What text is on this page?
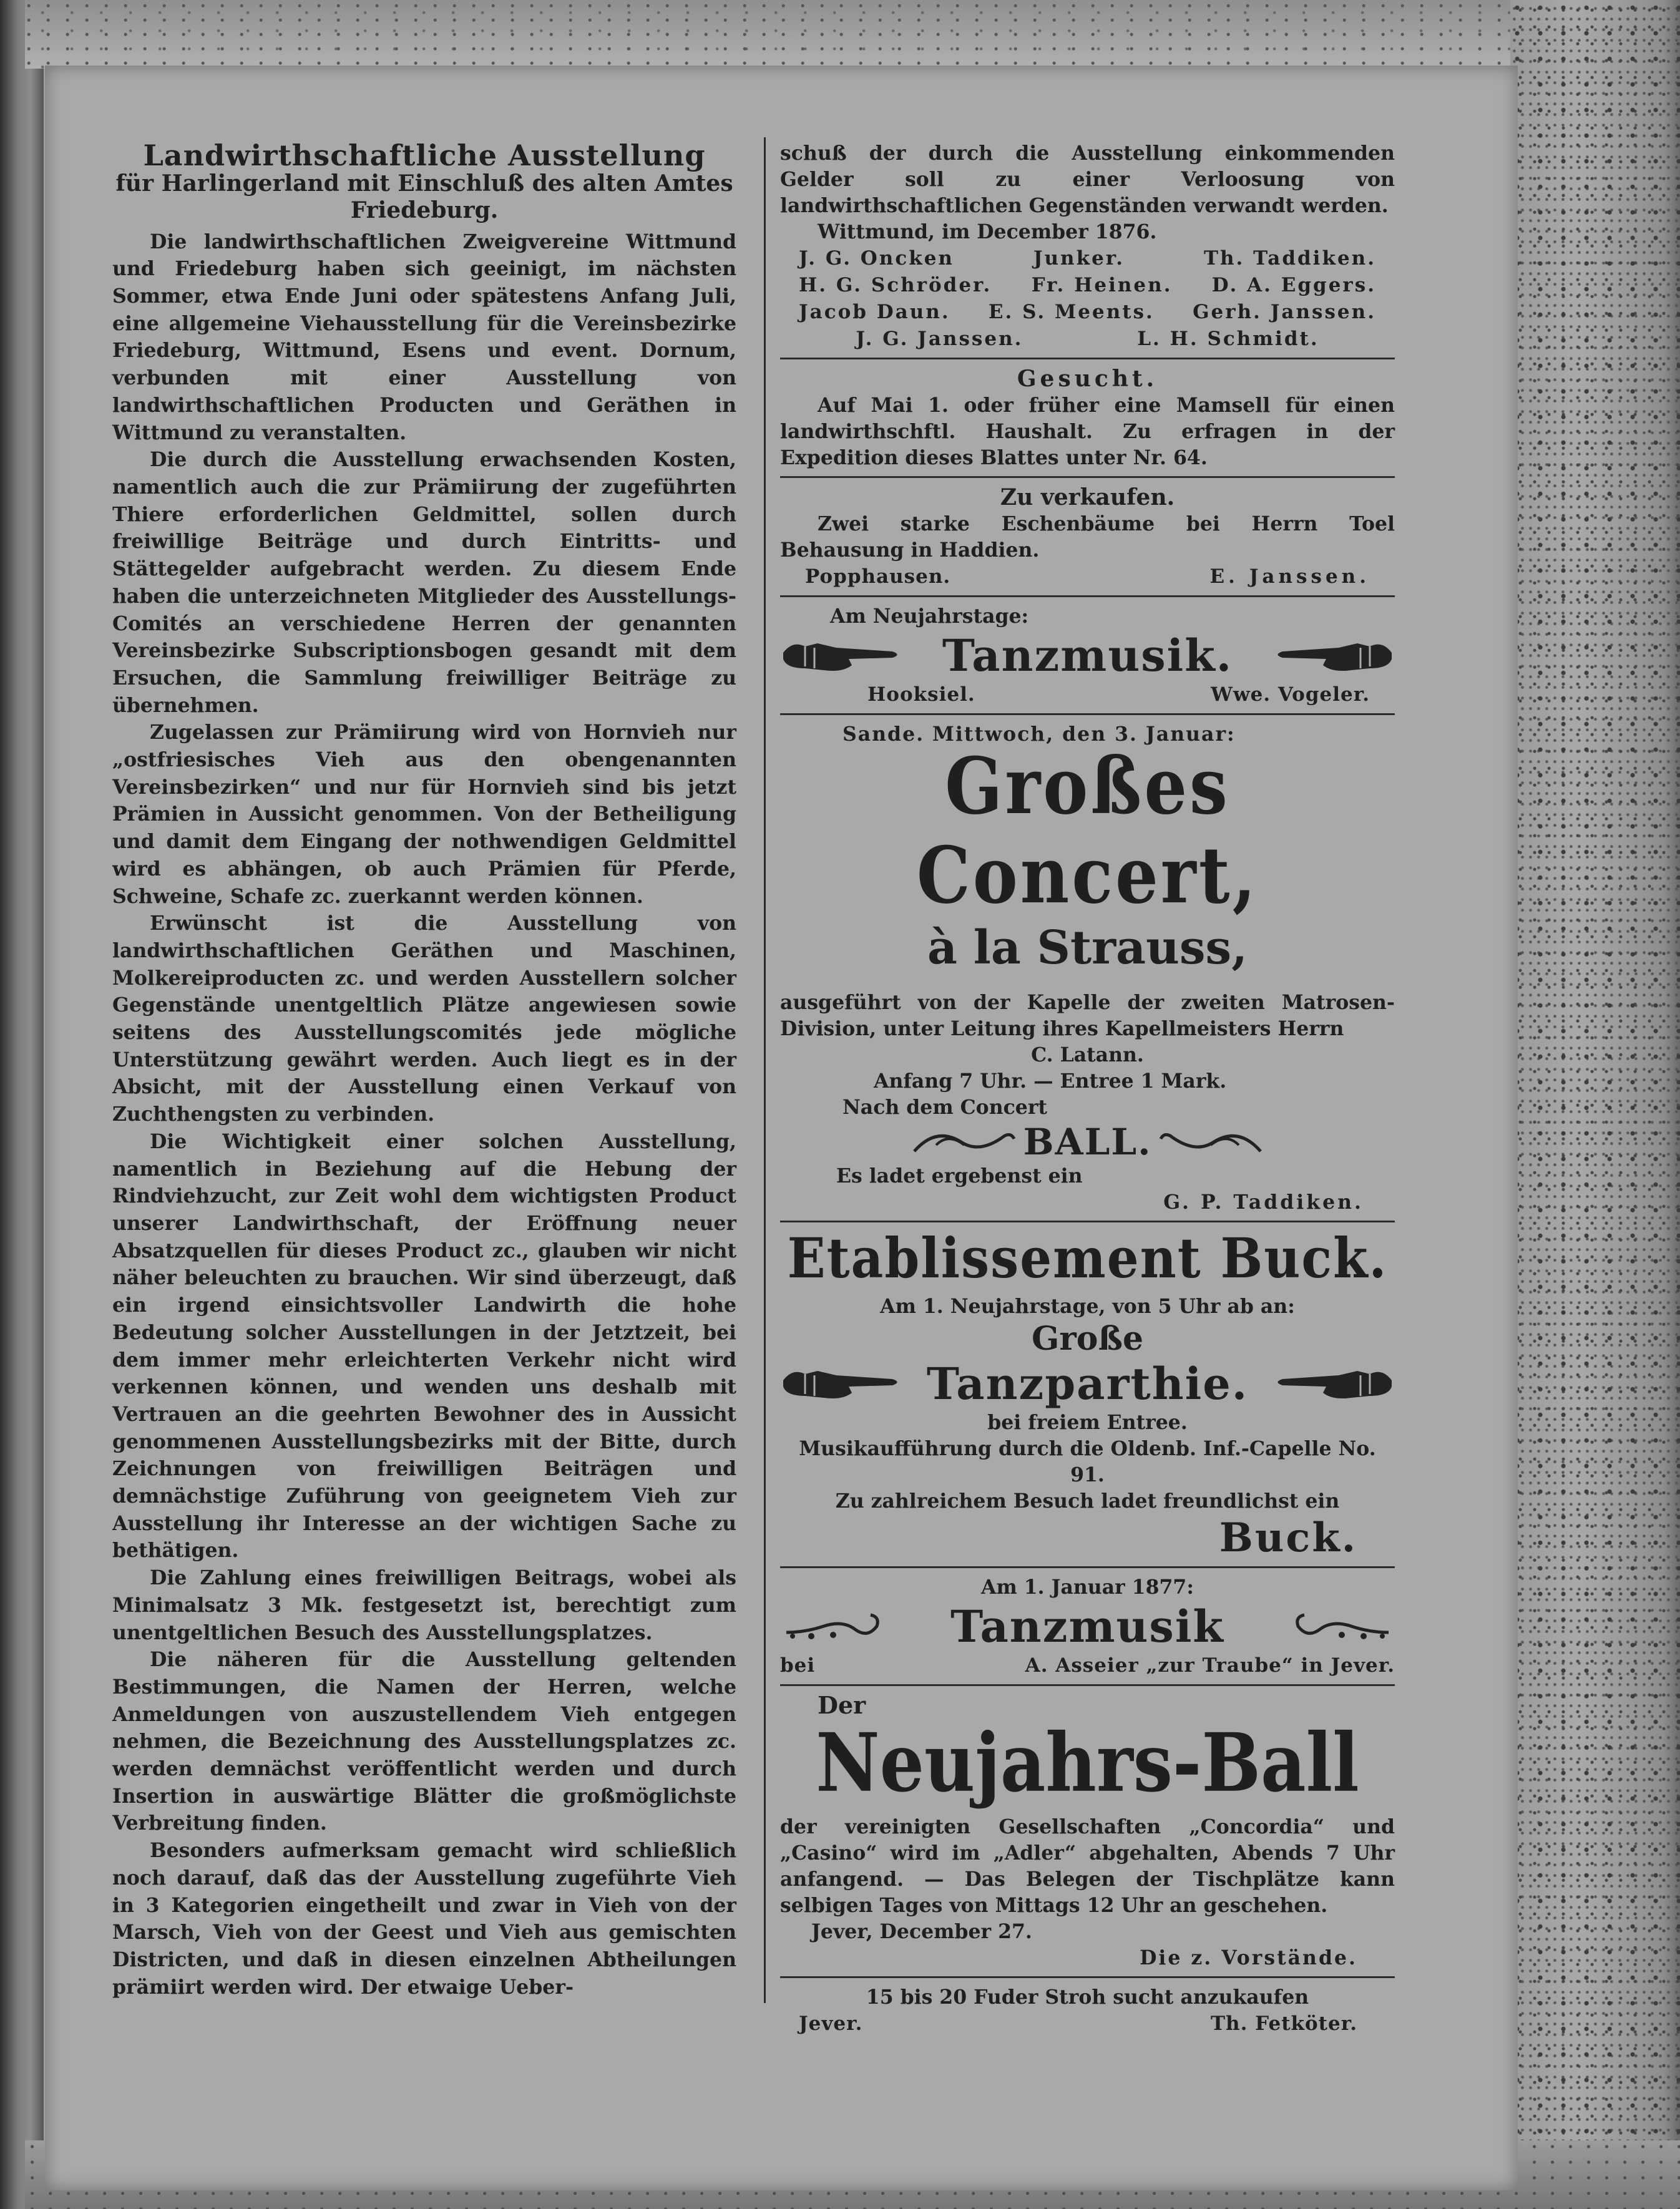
Landwirthschaftliche Ausstellung

für Harlingerland mit Einschluß des alten Amtes Friedeburg.

Die landwirthschaftlichen Zweigvereine Wittmund und Friedeburg haben sich geeinigt, im nächsten Sommer, etwa Ende Juni oder spätestens Anfang Juli, eine allgemeine Viehausstellung für die Vereinsbezirke Friedeburg, Wittmund, Esens und event. Dornum, verbunden mit einer Ausstellung von landwirthschaftlichen Producten und Geräthen in Wittmund zu veranstalten.

Die durch die Ausstellung erwachsenden Kosten, namentlich auch die zur Prämiirung der zugeführten Thiere erforderlichen Geldmittel, sollen durch freiwillige Beiträge und durch Eintritts- und Stättegelder aufgebracht werden. Zu diesem Ende haben die unterzeichneten Mitglieder des Ausstellungs-Comités an verschiedene Herren der genannten Vereinsbezirke Subscriptionsbogen gesandt mit dem Ersuchen, die Sammlung freiwilliger Beiträge zu übernehmen.

Zugelassen zur Prämiirung wird von Hornvieh nur „ostfriesisches Vieh aus den obengenannten Vereinsbezirken“ und nur für Hornvieh sind bis jetzt Prämien in Aussicht genommen. Von der Betheiligung und damit dem Eingang der nothwendigen Geldmittel wird es abhängen, ob auch Prämien für Pferde, Schweine, Schafe zc. zuerkannt werden können.

Erwünscht ist die Ausstellung von landwirthschaftlichen Geräthen und Maschinen, Molkereiproducten zc. und werden Ausstellern solcher Gegenstände unentgeltlich Plätze angewiesen sowie seitens des Ausstellungscomités jede mögliche Unterstützung gewährt werden. Auch liegt es in der Absicht, mit der Ausstellung einen Verkauf von Zuchthengsten zu verbinden.

Die Wichtigkeit einer solchen Ausstellung, namentlich in Beziehung auf die Hebung der Rindviehzucht, zur Zeit wohl dem wichtigsten Product unserer Landwirthschaft, der Eröffnung neuer Absatzquellen für dieses Product zc., glauben wir nicht näher beleuchten zu brauchen. Wir sind überzeugt, daß ein irgend einsichtsvoller Landwirth die hohe Bedeutung solcher Ausstellungen in der Jetztzeit, bei dem immer mehr erleichterten Verkehr nicht wird verkennen können, und wenden uns deshalb mit Vertrauen an die geehrten Bewohner des in Aussicht genommenen Ausstellungsbezirks mit der Bitte, durch Zeichnungen von freiwilligen Beiträgen und demnächstige Zuführung von geeignetem Vieh zur Ausstellung ihr Interesse an der wichtigen Sache zu bethätigen.

Die Zahlung eines freiwilligen Beitrags, wobei als Minimalsatz 3 Mk. festgesetzt ist, berechtigt zum unentgeltlichen Besuch des Ausstellungsplatzes.

Die näheren für die Ausstellung geltenden Bestimmungen, die Namen der Herren, welche Anmeldungen von auszustellendem Vieh entgegen nehmen, die Bezeichnung des Ausstellungsplatzes zc. werden demnächst veröffentlicht werden und durch Insertion in auswärtige Blätter die großmöglichste Verbreitung finden.

Besonders aufmerksam gemacht wird schließlich noch darauf, daß das der Ausstellung zugeführte Vieh in 3 Kategorien eingetheilt und zwar in Vieh von der Marsch, Vieh von der Geest und Vieh aus gemischten Districten, und daß in diesen einzelnen Abtheilungen prämiirt werden wird. Der etwaige Ueber-

schuß der durch die Ausstellung einkommenden Gelder soll zu einer Verloosung von landwirthschaftlichen Gegenständen verwandt werden.

Wittmund, im December 1876.

J. G. Oncken	Junker.	Th. Taddiken.
H. G. Schröder. Fr. Heinen. D. A. Eggers.
Jacob Daun. E. S. Meents. Gerh. Janssen.
J. G. Janssen.	L. H. Schmidt.

Gesucht.

Auf Mai 1. oder früher eine Mamsell für einen landwirthschftl. Haushalt. Zu erfragen in der Expedition dieses Blattes unter Nr. 64.

Zu verkaufen.

Zwei starke Eschenbäume bei Herrn Toel Behausung in Haddien.

Popphausen.	E. Janssen.

Am Neujahrstage:

Tanzmusik.
Hooksiel.	Wwe. Vogeler.

Sande. Mittwoch, den 3. Januar:

Großes Concert,

à la Strauss,

ausgeführt von der Kapelle der zweiten Matrosen-Division, unter Leitung ihres Kapellmeisters Herrn

C. Latann.

Anfang 7 Uhr. — Entree 1 Mark.

Nach dem Concert

BALL.

Es ladet ergebenst ein

G. P. Taddiken.

Etablissement Buck.

Am 1. Neujahrstage, von 5 Uhr ab an:

Große

Tanzparthie.

bei freiem Entree.

Musikaufführung durch die Oldenb. Inf.-Capelle No. 91.

Zu zahlreichem Besuch ladet freundlichst ein

Buck.

Am 1. Januar 1877:

Tanzmusik
bei	A. Asseier „zur Traube“ in Jever.

Der

Neujahrs-Ball

der vereinigten Gesellschaften „Concordia“ und „Casino“ wird im „Adler“ abgehalten, Abends 7 Uhr anfangend. — Das Belegen der Tischplätze kann selbigen Tages von Mittags 12 Uhr an geschehen.

Jever, December 27.

Die z. Vorstände.

15 bis 20 Fuder Stroh sucht anzukaufen

Jever.	Th. Fetköter.
